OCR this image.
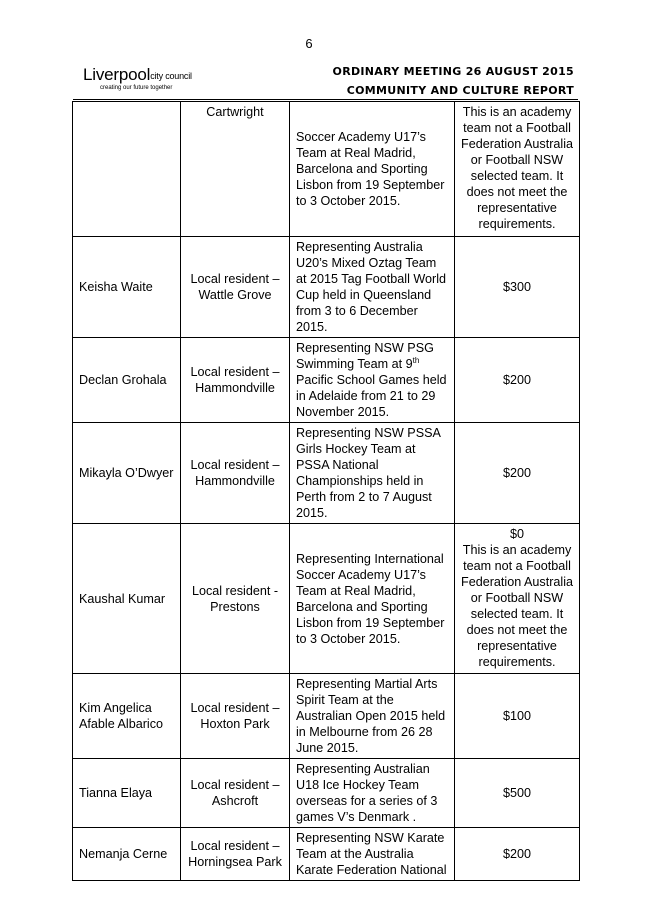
6
Liverpoolcity council
creating our future together
ORDINARY MEETING 26 AUGUST 2015
COMMUNITY AND CULTURE REPORT
	Cartwright	Soccer Academy U17’s Team at Real Madrid, Barcelona and Sporting Lisbon from 19 September to 3 October 2015.	This is an academy team not a Football Federation Australia or Football NSW selected team. It does not meet the representative requirements.

Keisha Waite	Local resident – Wattle Grove	Representing Australia U20’s Mixed Oztag Team at 2015 Tag Football World Cup held in Queensland from 3 to 6 December 2015.	$300
Declan Grohala	Local resident – Hammondville	Representing NSW PSG Swimming Team at 9th Pacific School Games held in Adelaide from 21 to 29 November 2015.	$200
Mikayla O’Dwyer	Local resident – Hammondville	Representing NSW PSSA Girls Hockey Team at PSSA National Championships held in Perth from 2 to 7 August 2015.	$200
Kaushal Kumar	Local resident - Prestons	Representing International Soccer Academy U17’s Team at Real Madrid, Barcelona and Sporting Lisbon from 19 September to 3 October 2015.	$0
This is an academy team not a Football Federation Australia or Football NSW selected team. It does not meet the representative requirements.

Kim Angelica Afable Albarico	Local resident – Hoxton Park	Representing Martial Arts Spirit Team at the Australian Open 2015 held in Melbourne from 26 28 June 2015.	$100
Tianna Elaya	Local resident – Ashcroft	Representing Australian U18 Ice Hockey Team overseas for a series of 3 games V’s Denmark .	$500
Nemanja Cerne	Local resident – Horningsea Park	Representing NSW Karate Team at the Australia Karate Federation National	$200
